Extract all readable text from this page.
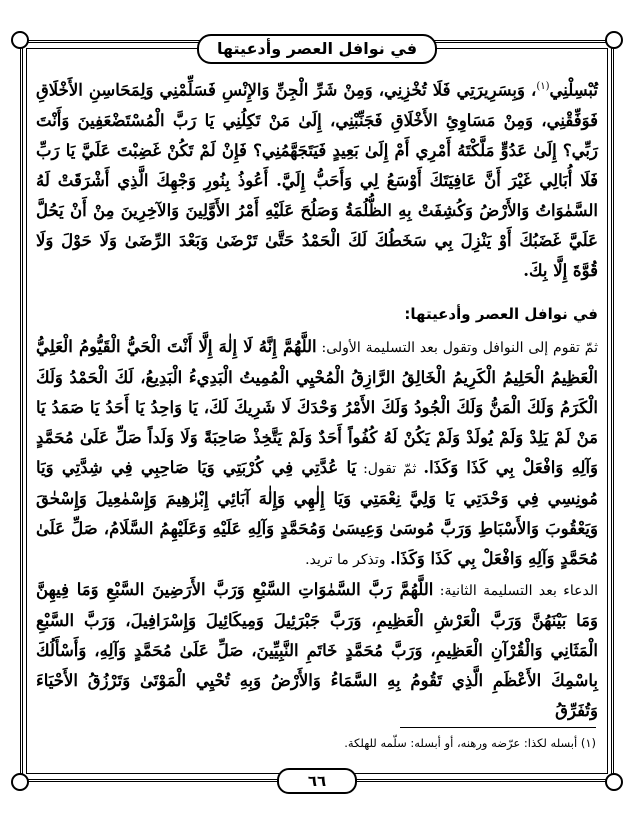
في نوافل العصر وأدعيتها

تُبْسِلْنِي$^{(١)}$، وَبِسَرِيرَتِي فَلَا تُخْزِنِي، وَمِنْ شَرِّ الْجِنِّ وَالإِنْسِ فَسَلِّمْنِي وَلِمَحَاسِنِ الأَخْلَاقِ فَوَفِّقْنِي، وَمِنْ مَسَاوِئِ الأَخْلَاقِ فَجَنِّبْنِي، إِلَىٰ مَنْ تَكِلُنِي يَا رَبَّ الْمُسْتَضْعَفِينَ وَأَنْتَ رَبِّي؟ إِلَىٰ عَدُوٍّ مَلَّكْتَهُ أَمْرِي أَمْ إِلَىٰ بَعِيدٍ فَيَتَجَهَّمُنِي؟ فَإِنْ لَمْ تَكُنْ غَضِبْتَ عَلَيَّ يَا رَبِّ فَلَا أُبَالِي غَيْرَ أَنَّ عَافِيَتَكَ أَوْسَعُ لِي وَأَحَبُّ إِلَيَّ. أَعُوذُ بِنُورِ وَجْهِكَ الَّذِي أَشْرَقَتْ لَهُ السَّمٰوَاتُ وَالأَرْضُ وَكُشِفَتْ بِهِ الظُّلُمَةُ وَصَلُحَ عَلَيْهِ أَمْرُ الأَوَّلِينَ وَالآخِرِينَ مِنْ أَنْ يَحُلَّ عَلَيَّ غَضَبُكَ أَوْ يَنْزِلَ بِي سَخَطُكَ لَكَ الْحَمْدُ حَتَّىٰ تَرْضَىٰ وَبَعْدَ الرِّضَىٰ وَلَا حَوْلَ وَلَا قُوَّةَ إِلَّا بِكَ.

في نوافل العصر وأدعيتها:

ثمّ تقوم إلى النوافل وتقول بعد التسليمة الأولى: اللَّهُمَّ إِنَّهُ لَا إِلٰهَ إِلَّا أَنْتَ الْحَيُّ الْقَيُّومُ الْعَلِيُّ الْعَظِيمُ الْحَلِيمُ الْكَرِيمُ الْخَالِقُ الرَّازِقُ الْمُحْيِي الْمُمِيتُ الْبَدِيءُ الْبَدِيعُ، لَكَ الْحَمْدُ وَلَكَ الْكَرَمُ وَلَكَ الْمَنُّ وَلَكَ الْجُودُ وَلَكَ الأَمْرُ وَحْدَكَ لَا شَرِيكَ لَكَ، يَا وَاحِدُ يَا أَحَدُ يَا صَمَدُ يَا مَنْ لَمْ يَلِدْ وَلَمْ يُولَدْ وَلَمْ يَكُنْ لَهُ كُفُواً أَحَدٌ وَلَمْ يَتَّخِذْ صَاحِبَةً وَلَا وَلَداً صَلِّ عَلَىٰ مُحَمَّدٍ وَآلِهِ وَافْعَلْ بِي كَذَا وَكَذَا. ثمّ تقول: يَا عُدَّتِي فِي كُرْبَتِي وَيَا صَاحِبِي فِي شِدَّتِي وَيَا مُونِسِي فِي وَحْدَتِي يَا وَلِيَّ نِعْمَتِي وَيَا إِلٰهِي وَإِلٰهَ آبَائِي إِبْرٰهِيمَ وَإِسْمٰعِيلَ وَإِسْحٰقَ وَيَعْقُوبَ وَالأَسْبَاطِ وَرَبَّ مُوسَىٰ وَعِيسَىٰ وَمُحَمَّدٍ وَآلِهِ عَلَيْهِ وَعَلَيْهِمُ السَّلَامُ، صَلِّ عَلَىٰ مُحَمَّدٍ وَآلِهِ وَافْعَلْ بِي كَذَا وَكَذَا. وتذكر ما تريد.

الدعاء بعد التسليمة الثانية: اللَّهُمَّ رَبَّ السَّمٰوَاتِ السَّبْعِ وَرَبَّ الأَرَضِينَ السَّبْعِ وَمَا فِيهِنَّ وَمَا بَيْنَهُنَّ وَرَبَّ الْعَرْشِ الْعَظِيمِ، وَرَبَّ جَبْرَئِيلَ وَمِيكَائِيلَ وَإِسْرَافِيلَ، وَرَبَّ السَّبْعِ الْمَثَانِي وَالْقُرْآنِ الْعَظِيمِ، وَرَبَّ مُحَمَّدٍ خَاتَمِ النَّبِيِّينَ، صَلِّ عَلَىٰ مُحَمَّدٍ وَآلِهِ، وَأَسْأَلُكَ بِاسْمِكَ الأَعْظَمِ الَّذِي تَقُومُ بِهِ السَّمَاءُ وَالأَرْضُ وَبِهِ تُحْيِي الْمَوْتَىٰ وَتَرْزُقُ الأَحْيَاءَ وَتُفَرِّقُ

(١) أبسله لكذا: عرّضه ورهنه، أو أبسله: سلّمه للهلكة.
٦٦
